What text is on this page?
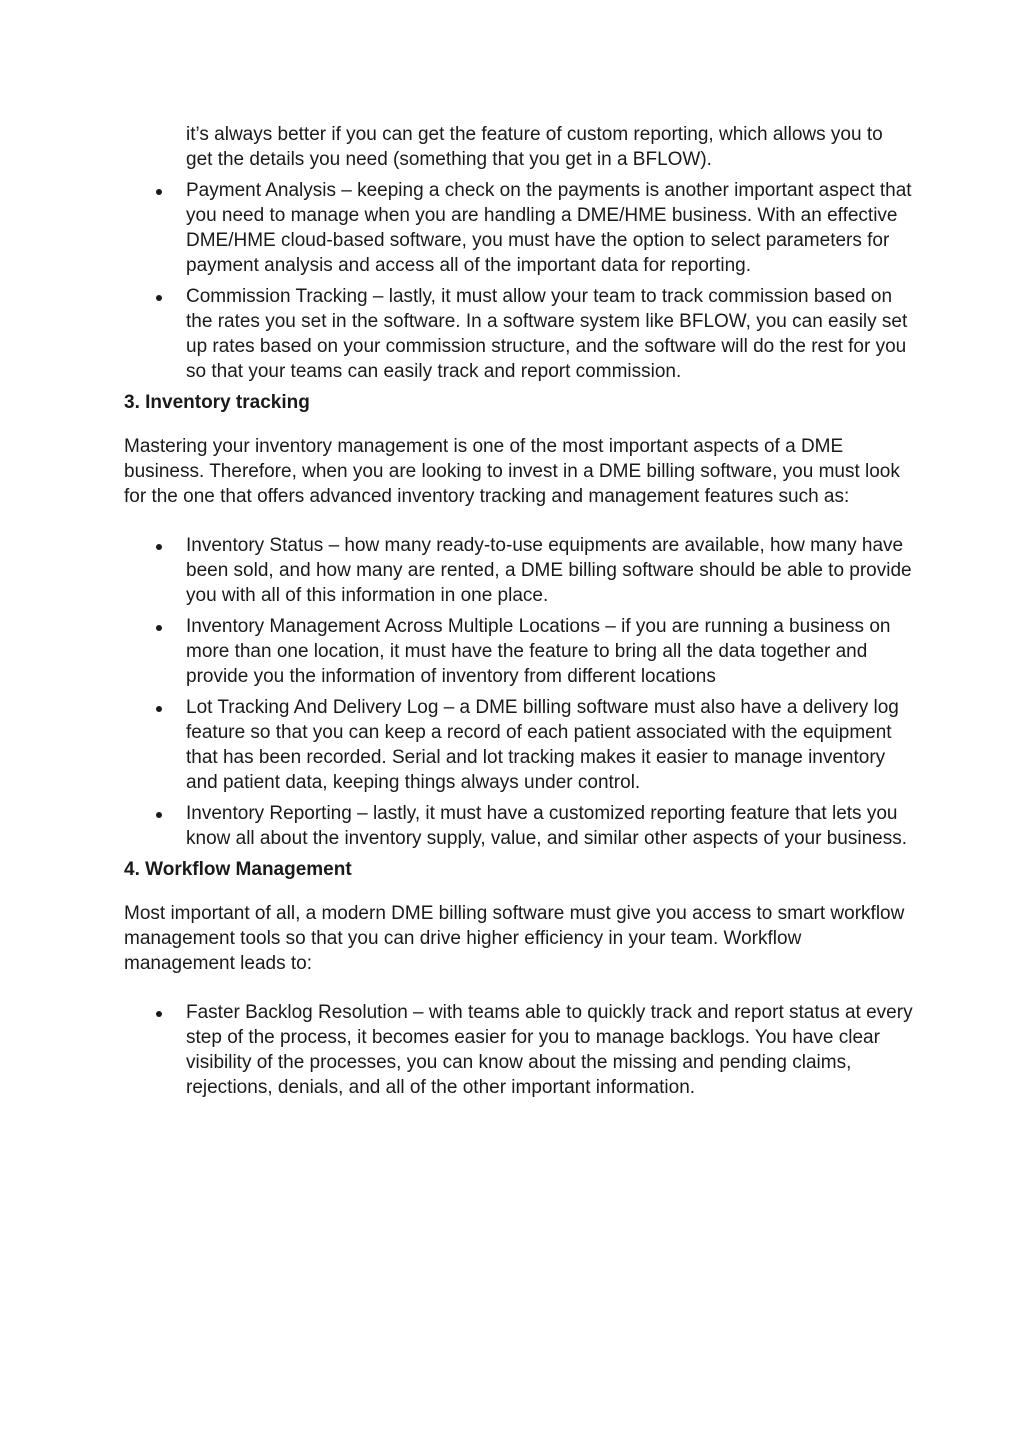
it’s always better if you can get the feature of custom reporting, which allows you to get the details you need (something that you get in a BFLOW).
Payment Analysis – keeping a check on the payments is another important aspect that you need to manage when you are handling a DME/HME business. With an effective DME/HME cloud-based software, you must have the option to select parameters for payment analysis and access all of the important data for reporting.
Commission Tracking – lastly, it must allow your team to track commission based on the rates you set in the software. In a software system like BFLOW, you can easily set up rates based on your commission structure, and the software will do the rest for you so that your teams can easily track and report commission.
3. Inventory tracking

Mastering your inventory management is one of the most important aspects of a DME business. Therefore, when you are looking to invest in a DME billing software, you must look for the one that offers advanced inventory tracking and management features such as:

Inventory Status – how many ready-to-use equipments are available, how many have been sold, and how many are rented, a DME billing software should be able to provide you with all of this information in one place.
Inventory Management Across Multiple Locations – if you are running a business on more than one location, it must have the feature to bring all the data together and provide you the information of inventory from different locations
Lot Tracking And Delivery Log – a DME billing software must also have a delivery log feature so that you can keep a record of each patient associated with the equipment that has been recorded. Serial and lot tracking makes it easier to manage inventory and patient data, keeping things always under control.
Inventory Reporting – lastly, it must have a customized reporting feature that lets you know all about the inventory supply, value, and similar other aspects of your business.
4. Workflow Management

Most important of all, a modern DME billing software must give you access to smart workflow management tools so that you can drive higher efficiency in your team. Workflow management leads to:

Faster Backlog Resolution – with teams able to quickly track and report status at every step of the process, it becomes easier for you to manage backlogs. You have clear visibility of the processes, you can know about the missing and pending claims, rejections, denials, and all of the other important information.
